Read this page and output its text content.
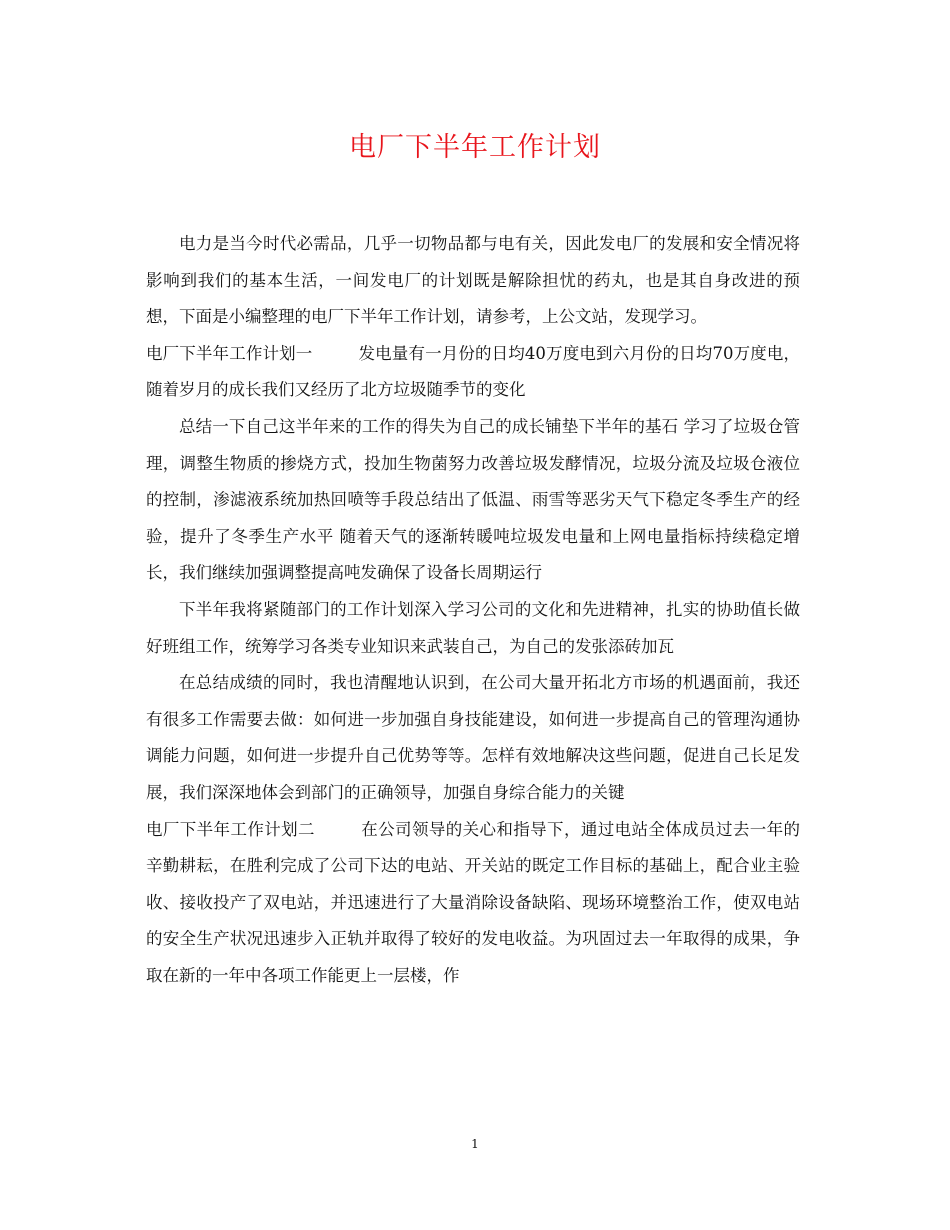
电厂下半年工作计划

电力是当今时代必需品，几乎一切物品都与电有关，因此发电厂的发展和安全情况将影响到我们的基本生活，一间发电厂的计划既是解除担忧的药丸，也是其自身改进的预想，下面是小编整理的电厂下半年工作计划，请参考，上公文站，发现学习。

电厂下半年工作计划一	发电量有一月份的日均40万度电到六月份的日均70万度电，随着岁月的成长我们又经历了北方垃圾随季节的变化

总结一下自己这半年来的工作的得失为自己的成长铺垫下半年的基石 学习了垃圾仓管理，调整生物质的掺烧方式，投加生物菌努力改善垃圾发酵情况，垃圾分流及垃圾仓液位的控制，渗滤液系统加热回喷等手段总结出了低温、雨雪等恶劣天气下稳定冬季生产的经验，提升了冬季生产水平 随着天气的逐渐转暖吨垃圾发电量和上网电量指标持续稳定增长，我们继续加强调整提高吨发确保了设备长周期运行

下半年我将紧随部门的工作计划深入学习公司的文化和先进精神，扎实的协助值长做好班组工作，统筹学习各类专业知识来武装自己，为自己的发张添砖加瓦

在总结成绩的同时，我也清醒地认识到，在公司大量开拓北方市场的机遇面前，我还有很多工作需要去做：如何进一步加强自身技能建设，如何进一步提高自己的管理沟通协调能力问题，如何进一步提升自己优势等等。怎样有效地解决这些问题，促进自己长足发展，我们深深地体会到部门的正确领导，加强自身综合能力的关键

电厂下半年工作计划二	在公司领导的关心和指导下，通过电站全体成员过去一年的辛勤耕耘，在胜利完成了公司下达的电站、开关站的既定工作目标的基础上，配合业主验收、接收投产了双电站，并迅速进行了大量消除设备缺陷、现场环境整治工作，使双电站的安全生产状况迅速步入正轨并取得了较好的发电收益。为巩固过去一年取得的成果，争取在新的一年中各项工作能更上一层楼，作

1
